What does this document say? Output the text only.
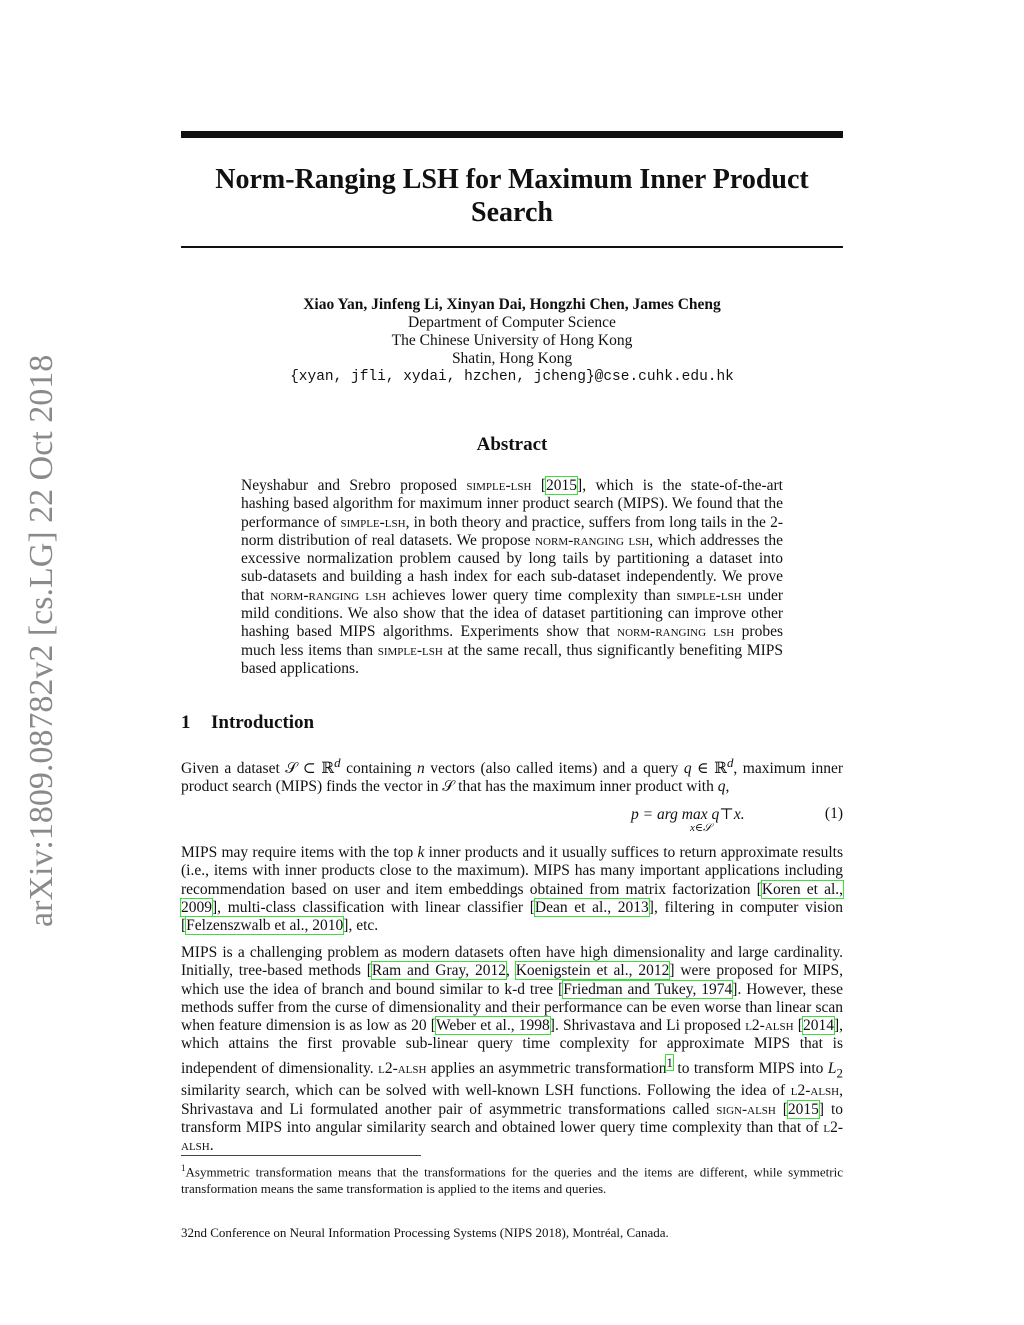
arXiv:1809.08782v2 [cs.LG] 22 Oct 2018
Norm-Ranging LSH for Maximum Inner Product Search
Xiao Yan, Jinfeng Li, Xinyan Dai, Hongzhi Chen, James Cheng
Department of Computer Science
The Chinese University of Hong Kong
Shatin, Hong Kong
{xyan, jfli, xydai, hzchen, jcheng}@cse.cuhk.edu.hk
Abstract
Neyshabur and Srebro proposed simple-lsh [2015], which is the state-of-the-art hashing based algorithm for maximum inner product search (MIPS). We found that the performance of simple-lsh, in both theory and practice, suffers from long tails in the 2-norm distribution of real datasets. We propose norm-ranging lsh, which addresses the excessive normalization problem caused by long tails by partitioning a dataset into sub-datasets and building a hash index for each sub-dataset independently. We prove that norm-ranging lsh achieves lower query time complexity than simple-lsh under mild conditions. We also show that the idea of dataset partitioning can improve other hashing based MIPS algorithms. Experiments show that norm-ranging lsh probes much less items than simple-lsh at the same recall, thus significantly benefiting MIPS based applications.
1 Introduction
Given a dataset 𝒮 ⊂ ℝ$^d$ containing n vectors (also called items) and a query q ∈ ℝ$^d$, maximum inner product search (MIPS) finds the vector in 𝒮 that has the maximum inner product with q,
p = arg max q⊤x.
x∈𝒮
(1)
MIPS may require items with the top k inner products and it usually suffices to return approximate results (i.e., items with inner products close to the maximum). MIPS has many important applications including recommendation based on user and item embeddings obtained from matrix factorization [Koren et al., 2009], multi-class classification with linear classifier [Dean et al., 2013], filtering in computer vision [Felzenszwalb et al., 2010], etc.
MIPS is a challenging problem as modern datasets often have high dimensionality and large cardinality. Initially, tree-based methods [Ram and Gray, 2012, Koenigstein et al., 2012] were proposed for MIPS, which use the idea of branch and bound similar to k-d tree [Friedman and Tukey, 1974]. However, these methods suffer from the curse of dimensionality and their performance can be even worse than linear scan when feature dimension is as low as 20 [Weber et al., 1998]. Shrivastava and Li proposed l2-alsh [2014], which attains the first provable sub-linear query time complexity for approximate MIPS that is independent of dimensionality. l2-alsh applies an asymmetric transformation$^1$ to transform MIPS into $L_2$ similarity search, which can be solved with well-known LSH functions. Following the idea of l2-alsh, Shrivastava and Li formulated another pair of asymmetric transformations called sign-alsh [2015] to transform MIPS into angular similarity search and obtained lower query time complexity than that of l2-alsh.
$^1$Asymmetric transformation means that the transformations for the queries and the items are different, while symmetric transformation means the same transformation is applied to the items and queries.
32nd Conference on Neural Information Processing Systems (NIPS 2018), Montréal, Canada.
